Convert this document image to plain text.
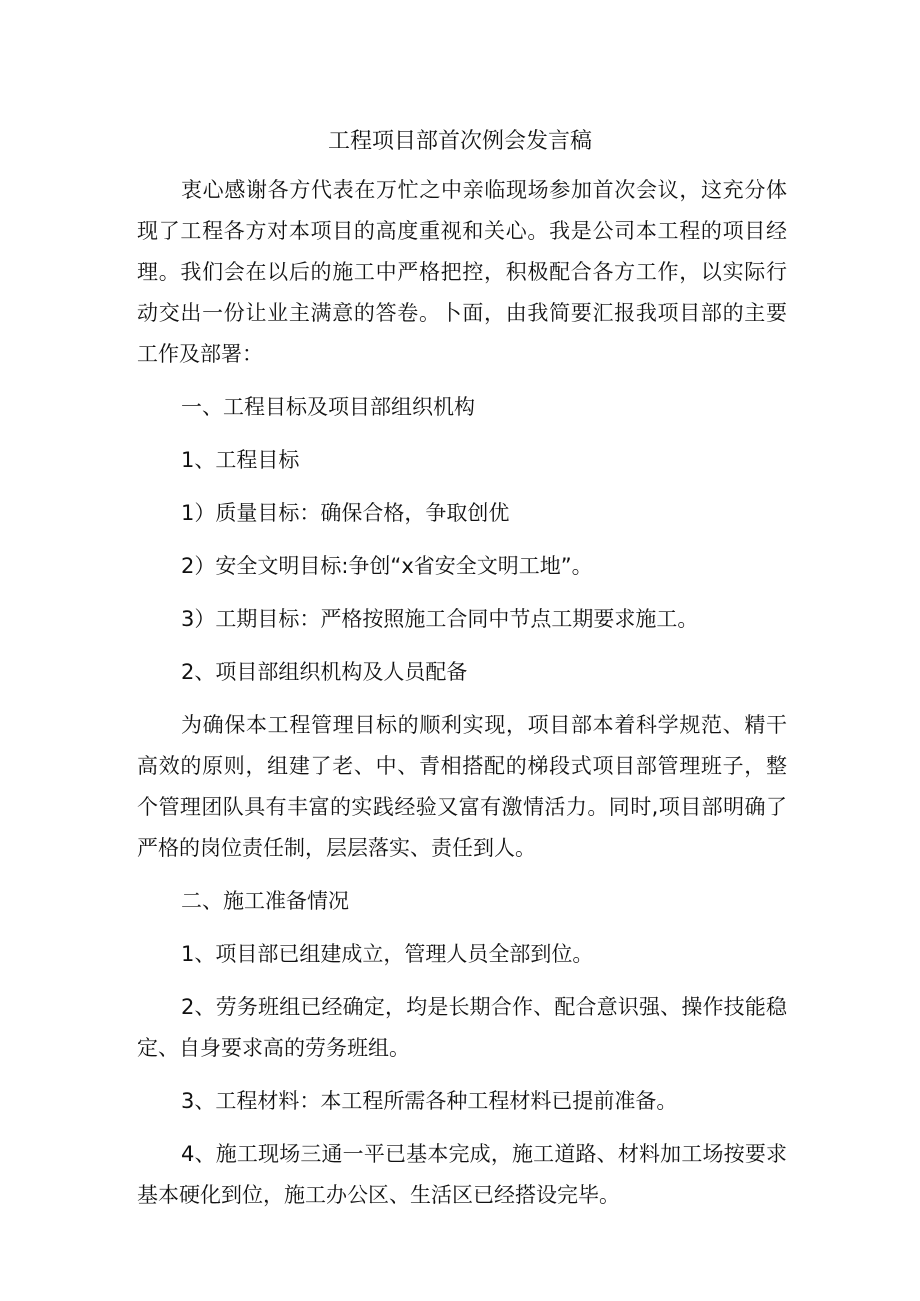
工程项目部首次例会发言稿

衷心感谢各方代表在万忙之中亲临现场参加首次会议，这充分体现了工程各方对本项目的高度重视和关心。我是公司本工程的项目经理。我们会在以后的施工中严格把控，积极配合各方工作，以实际行动交出一份让业主满意的答卷。卜面，由我简要汇报我项目部的主要工作及部署：

一、工程目标及项目部组织机构

1、工程目标

1）质量目标：确保合格，争取创优

2）安全文明目标:争创“x省安全文明工地”。

3）工期目标：严格按照施工合同中节点工期要求施工。

2、项目部组织机构及人员配备

为确保本工程管理目标的顺利实现，项目部本着科学规范、精干高效的原则，组建了老、中、青相搭配的梯段式项目部管理班子，整个管理团队具有丰富的实践经验又富有激情活力。同时,项目部明确了严格的岗位责任制，层层落实、责任到人。

二、施工准备情况

1、项目部已组建成立，管理人员全部到位。

2、劳务班组已经确定，均是长期合作、配合意识强、操作技能稳定、自身要求高的劳务班组。

3、工程材料：本工程所需各种工程材料已提前准备。

4、施工现场三通一平已基本完成，施工道路、材料加工场按要求基本硬化到位，施工办公区、生活区已经搭设完毕。
